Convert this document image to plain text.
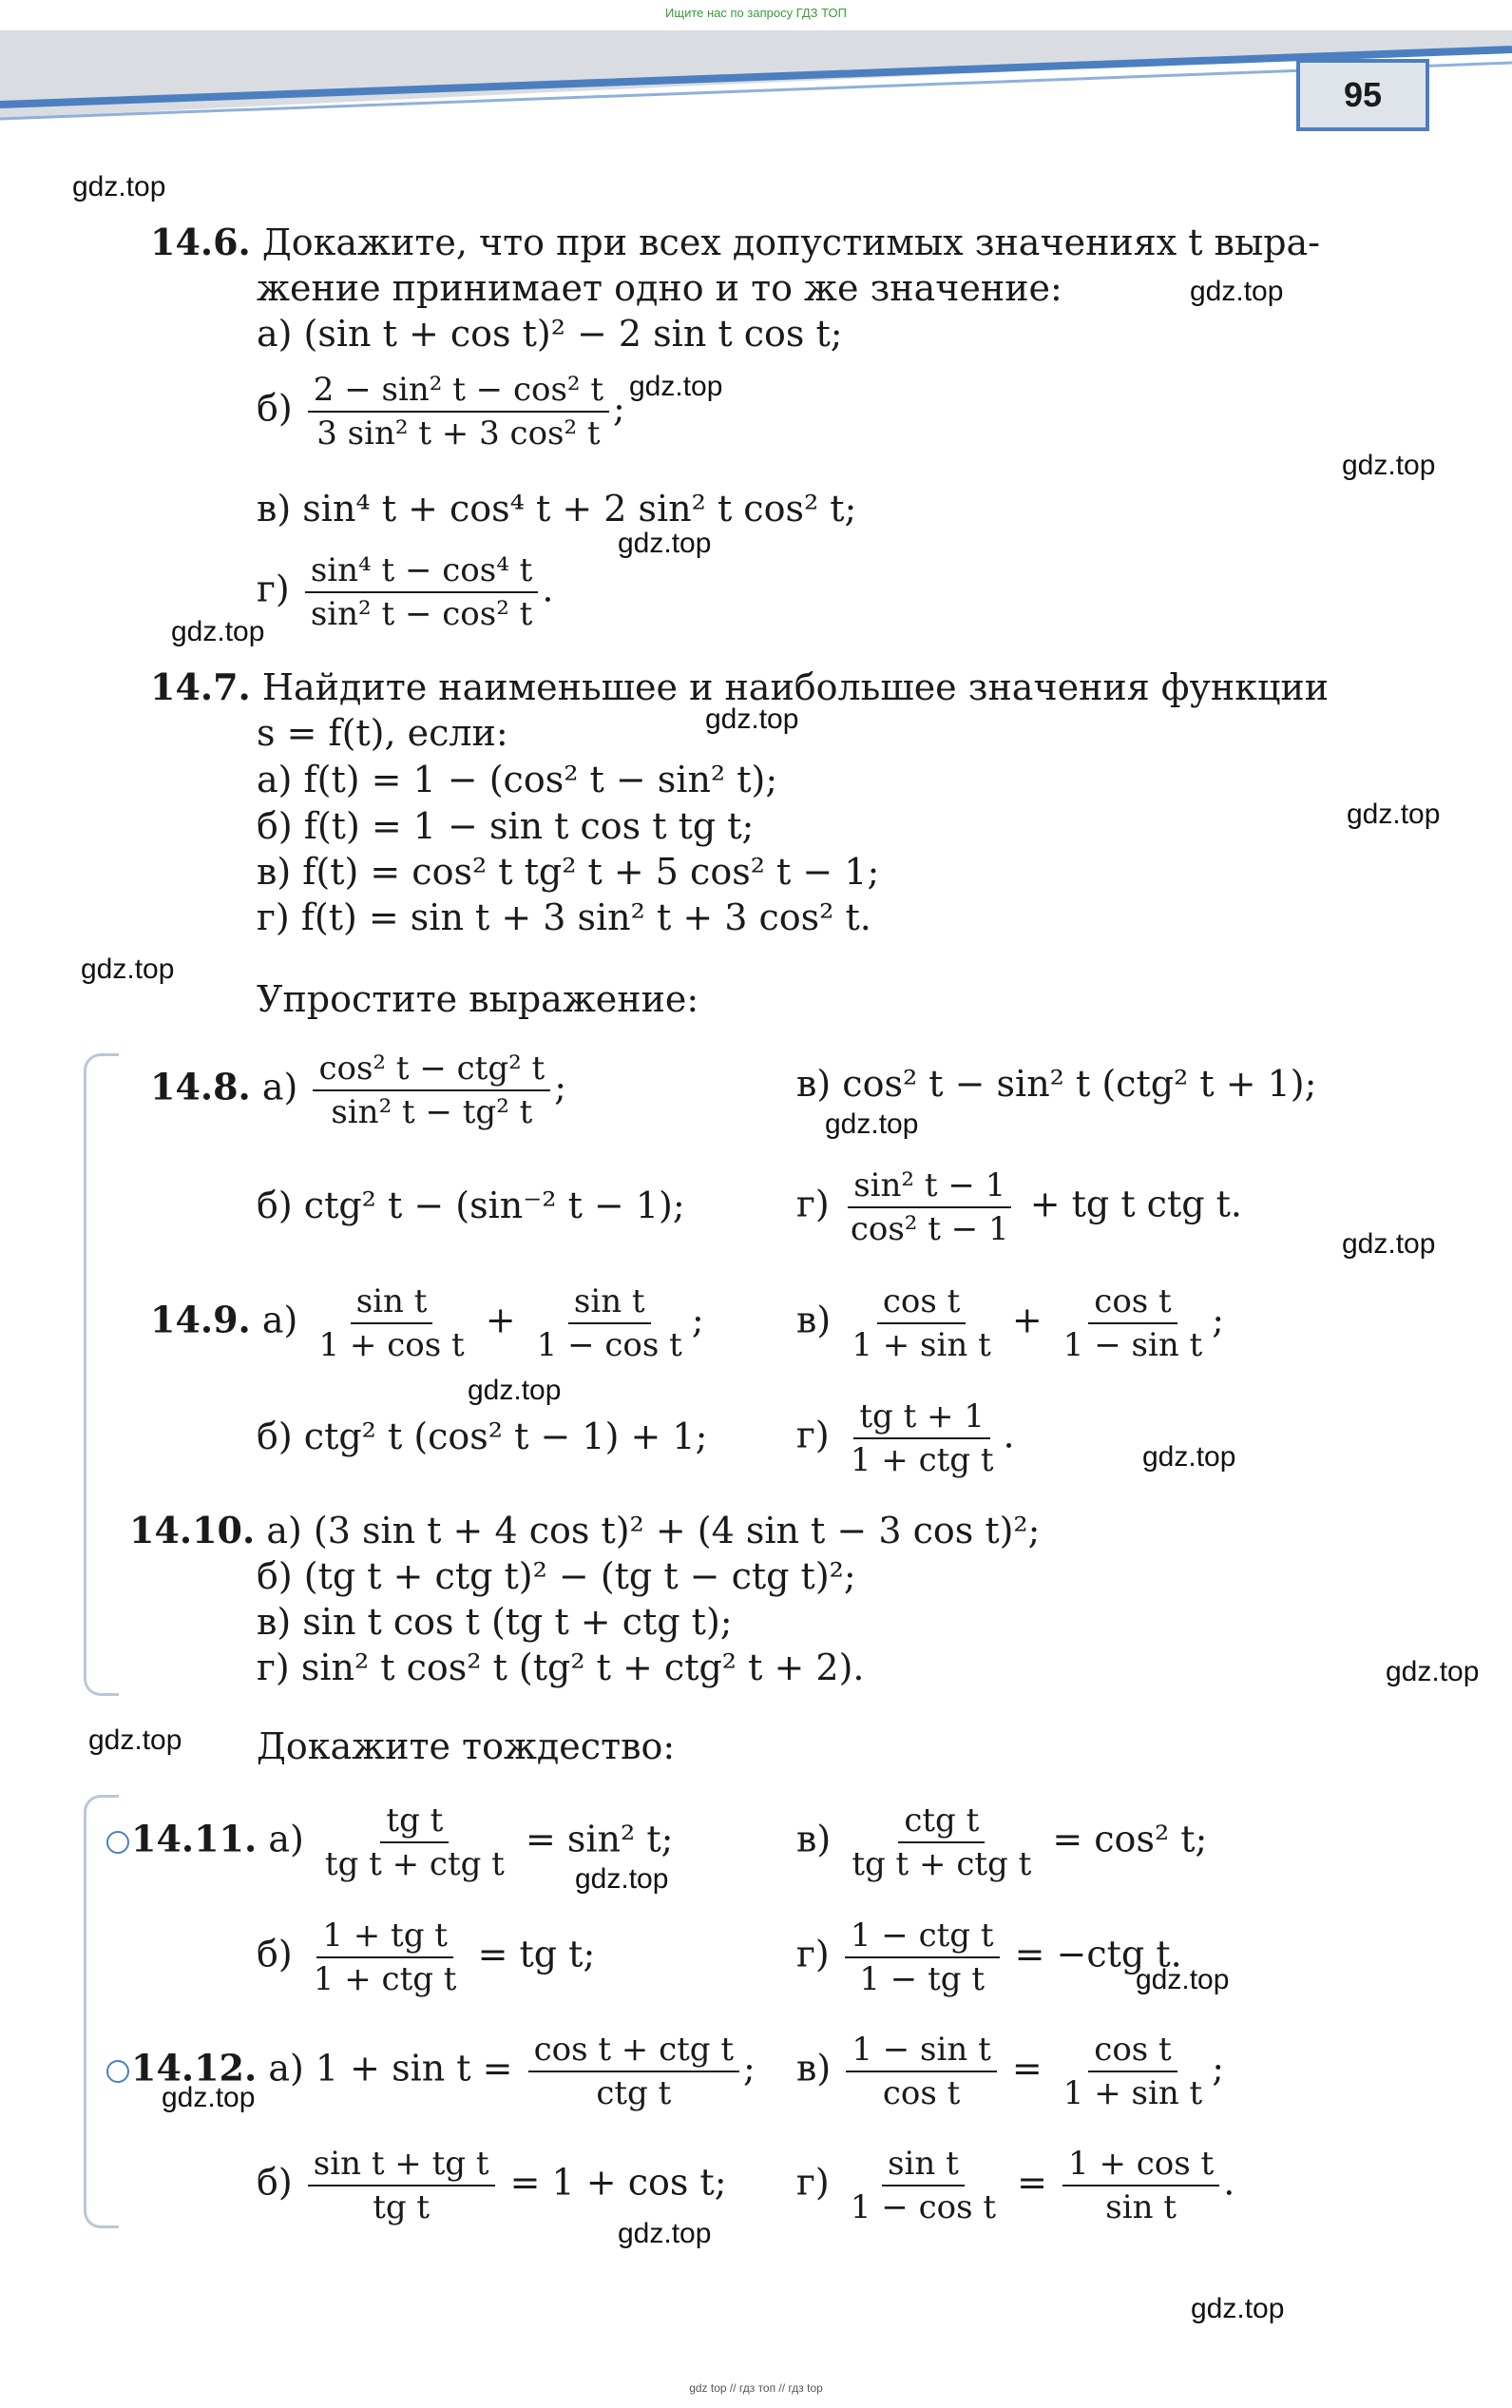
Ищите нас по запросу ГДЗ ТОП
95
gdz.top
gdz.top
gdz.top
gdz.top
gdz.top
gdz.top
gdz.top
gdz.top
gdz.top
gdz.top
gdz.top
gdz.top
gdz.top
gdz.top
gdz.top
gdz.top
gdz.top
gdz.top
gdz.top
gdz.top
14.6. Докажите, что при всех допустимых значениях t выра-
жение принимает одно и то же значение:
а) (sin t + cos t)² − 2 sin t cos t;
$б) \frac{\text{2 − sin² t − cos² t}}{\text{3 sin² t + 3 cos² t}}$ ;
в) sin⁴ t + cos⁴ t + 2 sin² t cos² t;
$г) \frac{\text{sin⁴ t − cos⁴ t}}{\text{sin² t − cos² t}}$ .
14.7. Найдите наименьшее и наибольшее значения функции
s = f(t), если:
а) f(t) = 1 − (cos² t − sin² t);
б) f(t) = 1 − sin t cos t tg t;
в) f(t) = cos² t tg² t + 5 cos² t − 1;
г) f(t) = sin t + 3 sin² t + 3 cos² t.
Упростите выражение:
14.8. $а) \frac{\text{cos² t − ctg² t}}{\text{sin² t − tg² t}}$ ;	в) cos² t − sin² t (ctg² t + 1);
б) ctg² t − (sin⁻² t − 1);	$г) \frac{\text{sin² t − 1}}{\text{cos² t − 1}}$ + tg t ctg t.
14.9. $а) \frac{\text{sin t}}{\text{1 + cos t}} + \frac{\text{sin t}}{\text{1 − cos t}}$ ;	$в) \frac{\text{cos t}}{\text{1 + sin t}} + \frac{\text{cos t}}{\text{1 − sin t}}$ ;
б) ctg² t (cos² t − 1) + 1; $г) \frac{\text{tg t + 1}}{\text{1 + ctg t}}$ .
14.10. а) (3 sin t + 4 cos t)² + (4 sin t − 3 cos t)²;
б) (tg t + ctg t)² − (tg t − ctg t)²;
в) sin t cos t (tg t + ctg t);
г) sin² t cos² t (tg² t + ctg² t + 2).
Докажите тождество:
14.11. $а) \frac{\text{tg t}}{\text{tg t + ctg t}} = \sin^2$ t;	$в) \frac{\text{ctg t}}{\text{tg t + ctg t}} = \cos^2$ t;
$б) \frac{\text{1 + tg t}}{\text{1 + ctg t}}$ = tg t;	$г) \frac{\text{1 − ctg t}}{\text{1 − tg t}} = -ctg$ t.
14.12. а) $1 + \sin t = \frac{\text{cos t + ctg t}}{\text{ctg t}}$ ; $в) \frac{\text{1 − sin t}}{\text{cos t}} = \frac{\text{cos t}}{\text{1 + sin t}}$ ;
$б) \frac{\text{sin t + tg t}}{\text{tg t}} = 1 + \cos t$; $г) \frac{\text{sin t}}{\text{1 − cos t}} = \frac{\text{1 + cos t}}{\text{sin t}}$ .
gdz top // гдз топ // гдз top
